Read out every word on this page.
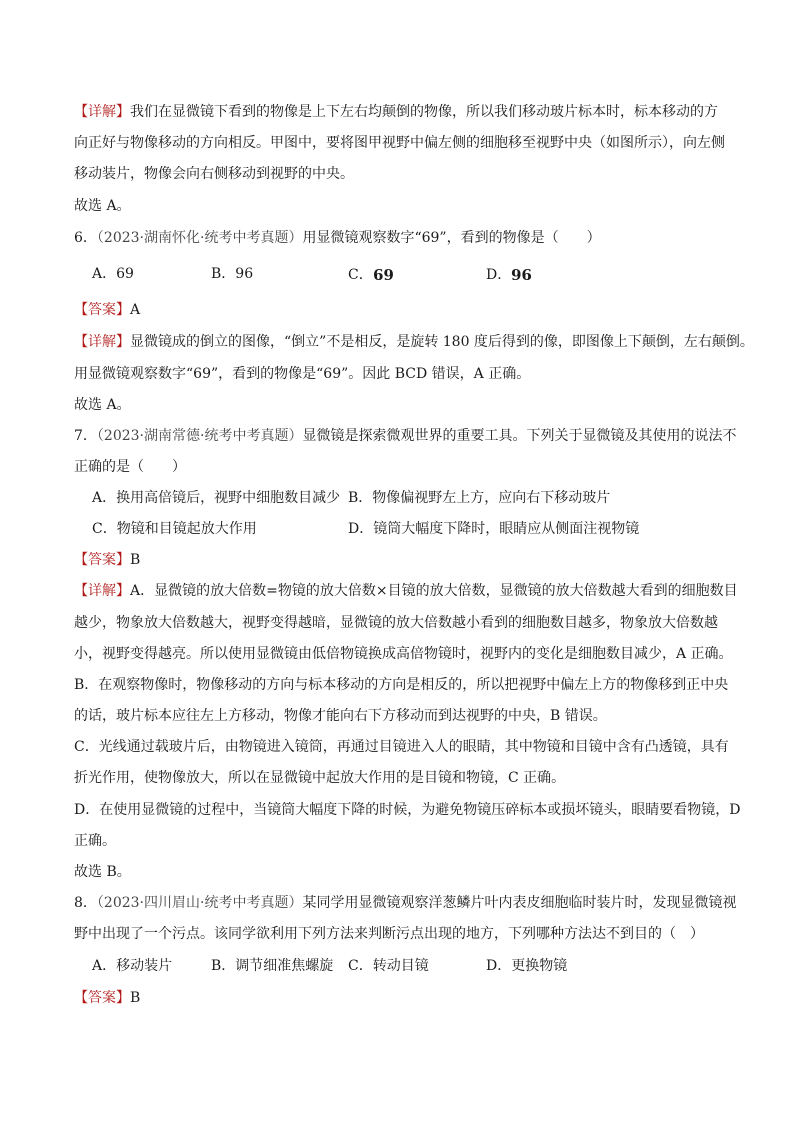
【详解】我们在显微镜下看到的物像是上下左右均颠倒的物像，所以我们移动玻片标本时，标本移动的方
向正好与物像移动的方向相反。甲图中，要将图甲视野中偏左侧的细胞移至视野中央（如图所示），向左侧
移动装片，物像会向右侧移动到视野的中央。
故选 A。
6．（2023·湖南怀化·统考中考真题）用显微镜观察数字“69”，看到的物像是（　　）
A．69	B．96	C．69	D．96
【答案】A
【详解】显微镜成的倒立的图像，“倒立”不是相反，是旋转 180 度后得到的像，即图像上下颠倒，左右颠倒。
用显微镜观察数字“69”，看到的物像是“69”。因此 BCD 错误，A 正确。
故选 A。
7．（2023·湖南常德·统考中考真题）显微镜是探索微观世界的重要工具。下列关于显微镜及其使用的说法不
正确的是（　　）
A．换用高倍镜后，视野中细胞数目减少 B．物像偏视野左上方，应向右下移动玻片
C．物镜和目镜起放大作用	D．镜筒大幅度下降时，眼睛应从侧面注视物镜
【答案】B
【详解】A．显微镜的放大倍数=物镜的放大倍数×目镜的放大倍数，显微镜的放大倍数越大看到的细胞数目
越少，物象放大倍数越大，视野变得越暗，显微镜的放大倍数越小看到的细胞数目越多，物象放大倍数越
小，视野变得越亮。所以使用显微镜由低倍物镜换成高倍物镜时，视野内的变化是细胞数目减少，A 正确。
B．在观察物像时，物像移动的方向与标本移动的方向是相反的，所以把视野中偏左上方的物像移到正中央
的话，玻片标本应往左上方移动，物像才能向右下方移动而到达视野的中央，B 错误。
C．光线通过载玻片后，由物镜进入镜筒，再通过目镜进入人的眼睛，其中物镜和目镜中含有凸透镜，具有
折光作用，使物像放大，所以在显微镜中起放大作用的是目镜和物镜，C 正确。
D．在使用显微镜的过程中，当镜筒大幅度下降的时候，为避免物镜压碎标本或损坏镜头，眼睛要看物镜，D
正确。
故选 B。
8．（2023·四川眉山·统考中考真题）某同学用显微镜观察洋葱鳞片叶内表皮细胞临时装片时，发现显微镜视
野中出现了一个污点。该同学欲利用下列方法来判断污点出现的地方，下列哪种方法达不到目的（　）
A．移动装片	B．调节细准焦螺旋 C．转动目镜	D．更换物镜
【答案】B
